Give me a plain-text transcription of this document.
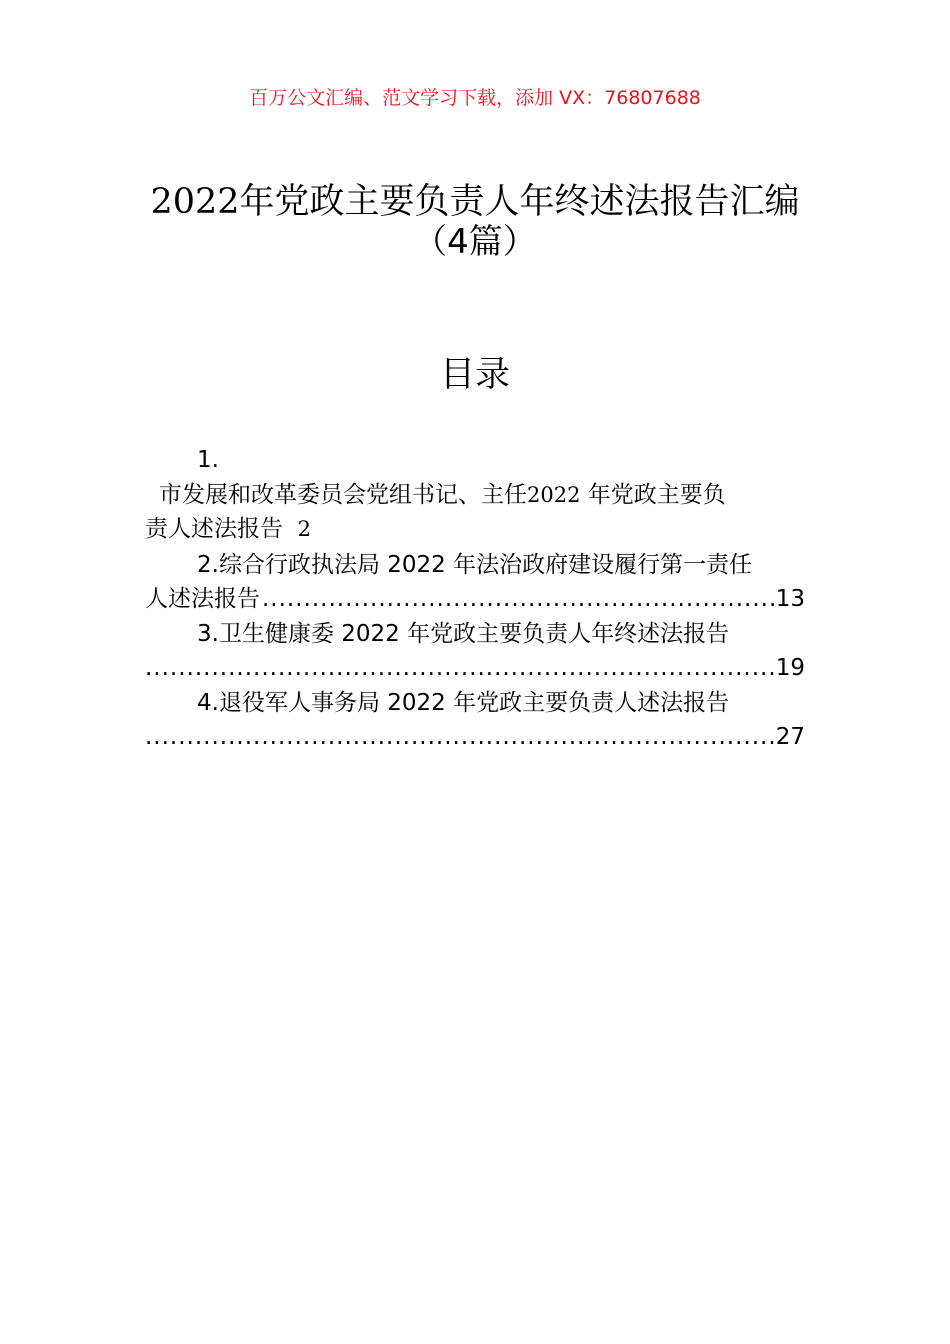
百万公文汇编、范文学习下载，添加 VX：76807688
2022年党政主要负责人年终述法报告汇编
（4篇）
目录
1.
市发展和改革委员会党组书记、主任2022 年党政主要负
责人述法报告 2
2.综合行政执法局 2022 年法治政府建设履行第一责任
人述法报告
.....	13
3.卫生健康委 2022 年党政主要负责人年终述法报告
.....
19
4.退役军人事务局 2022 年党政主要负责人述法报告
.....
27
